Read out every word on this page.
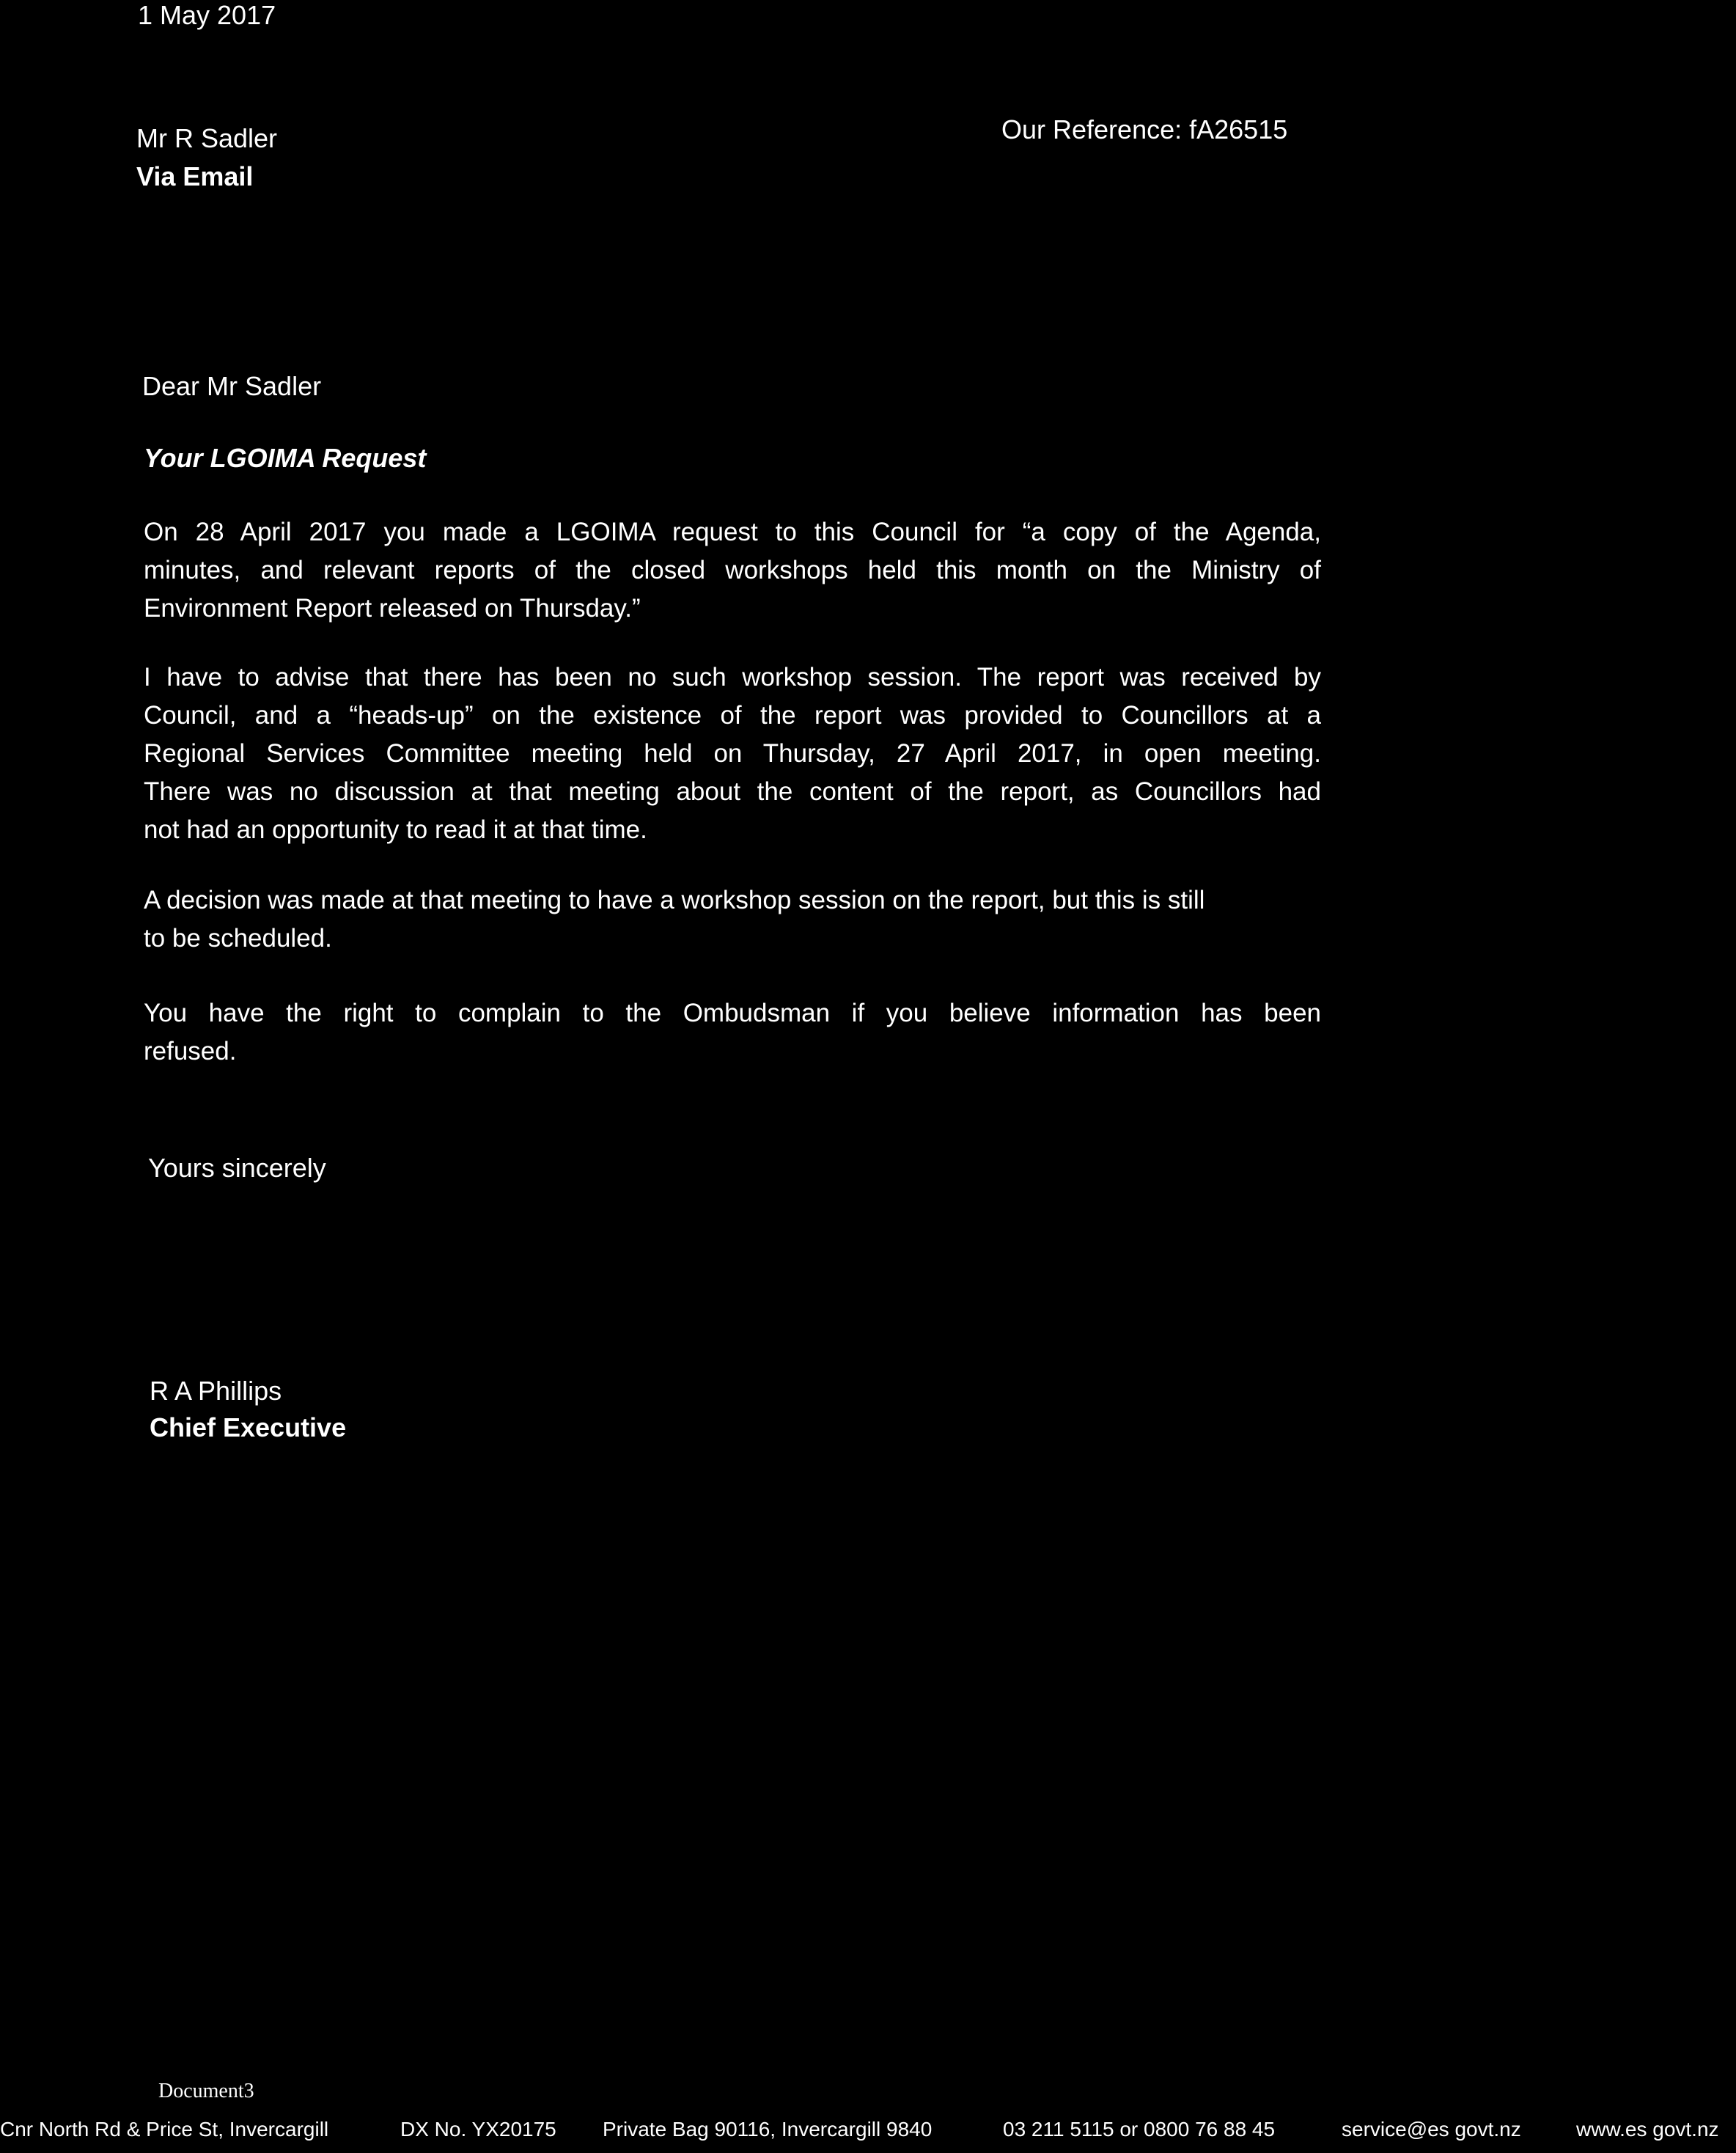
1 May 2017

Mr R Sadler

Via Email

Our Reference: fA26515

Dear Mr Sadler

Your LGOIMA Request

On 28 April 2017 you made a LGOIMA request to this Council for “a copy of the Agenda,
minutes, and relevant reports of the closed workshops held this month on the Ministry of
Environment Report released on Thursday.”
I have to advise that there has been no such workshop session. The report was received by
Council, and a “heads-up” on the existence of the report was provided to Councillors at a
Regional Services Committee meeting held on Thursday, 27 April 2017, in open meeting.
There was no discussion at that meeting about the content of the report, as Councillors had
not had an opportunity to read it at that time.
A decision was made at that meeting to have a workshop session on the report, but this is still
to be scheduled.
You have the right to complain to the Ombudsman if you believe information has been
refused.

Yours sincerely

R A Phillips

Chief Executive

Document3

Cnr North Rd & Price St, Invercargill	DX No. YX20175 Private Bag 90116, Invercargill 9840	03 211 5115 or 0800 76 88 45	service@es govt.nz	www.es govt.nz
